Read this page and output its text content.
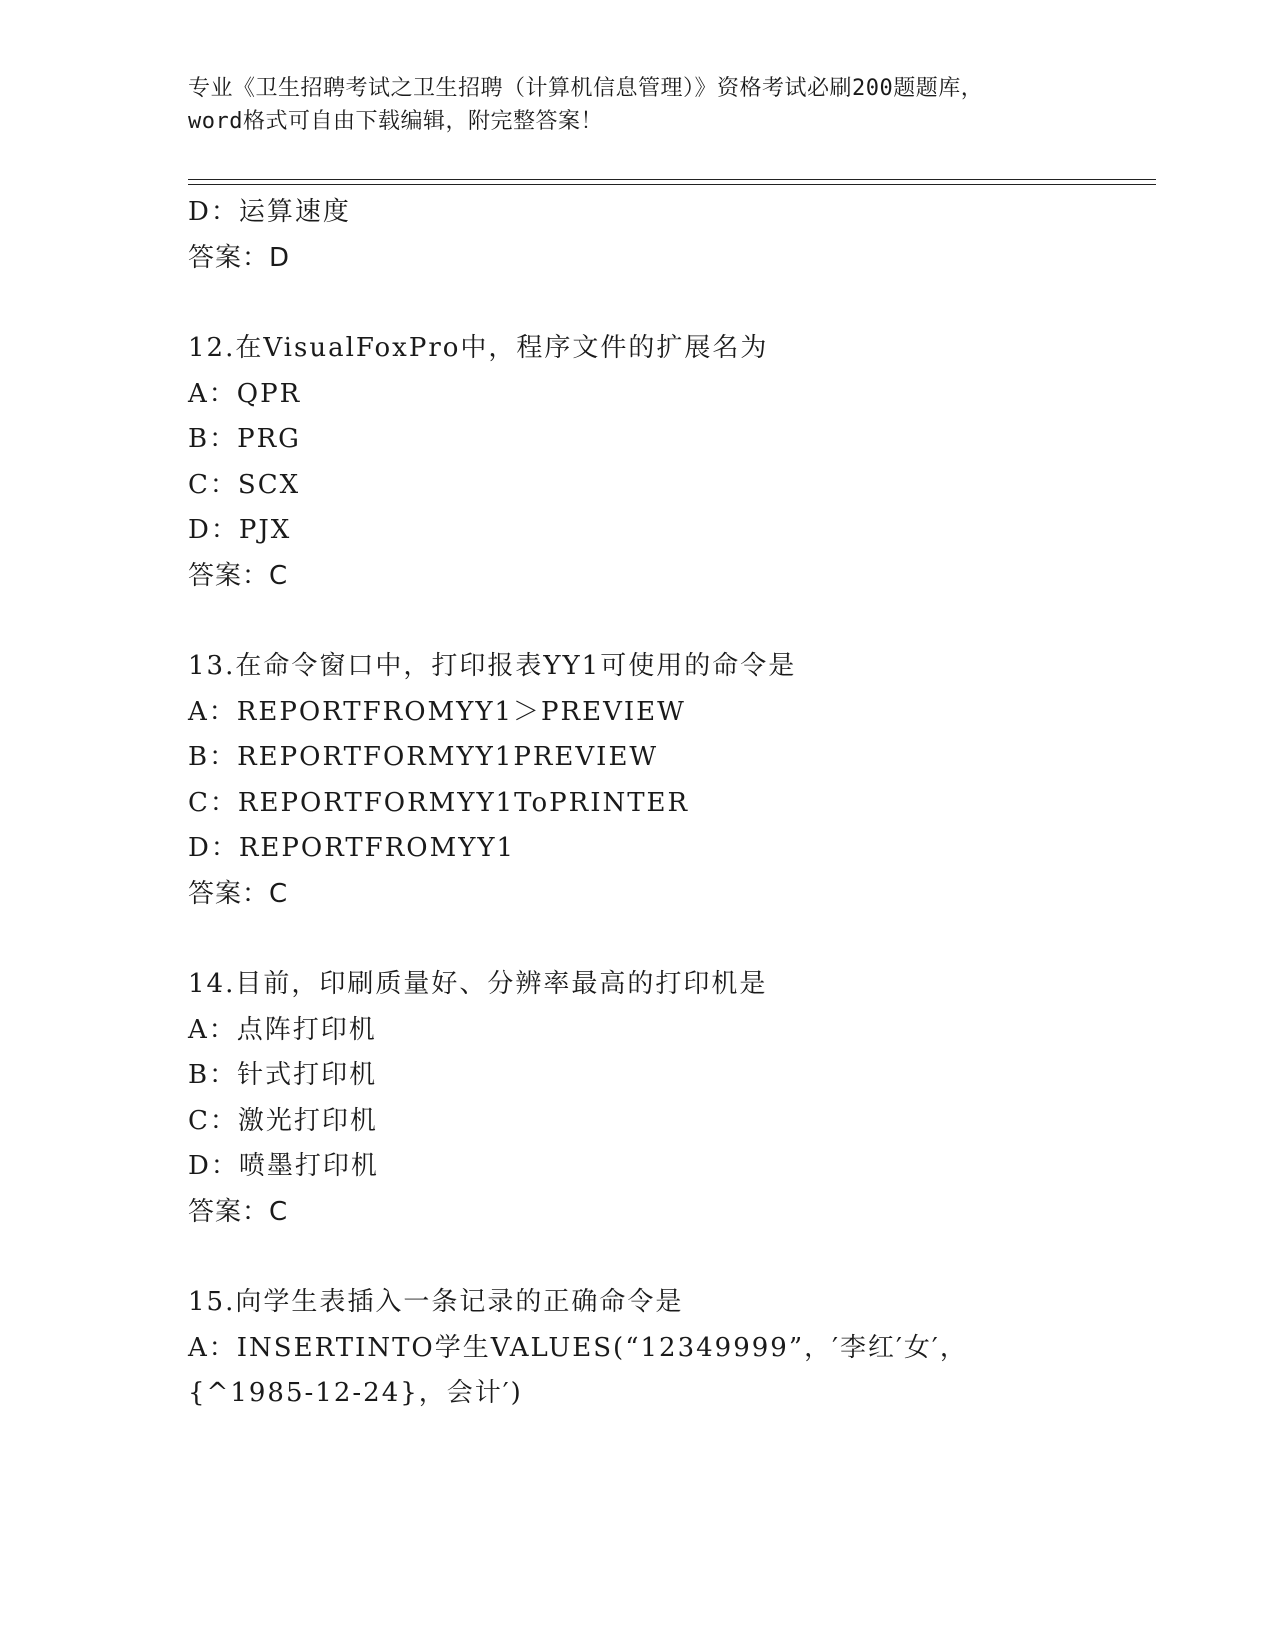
专业《卫生招聘考试之卫生招聘（计算机信息管理）》资格考试必刷200题题库，
word格式可自由下载编辑，附完整答案！
D：运算速度
答案：D
12.在VisualFoxPro中，程序文件的扩展名为
A：QPR
B：PRG
C：SCX
D：PJX
答案：C
13.在命令窗口中，打印报表YY1可使用的命令是
A：REPORTFROMYY1＞PREVIEW
B：REPORTFORMYY1PREVIEW
C：REPORTFORMYY1ToPRINTER
D：REPORTFROMYY1
答案：C
14.目前，印刷质量好、分辨率最高的打印机是
A：点阵打印机
B：针式打印机
C：激光打印机
D：喷墨打印机
答案：C
15.向学生表插入一条记录的正确命令是
A：INSERTINTO学生VALUES(“12349999”，′李红′女′，{^1985-12-24}，会计′)
